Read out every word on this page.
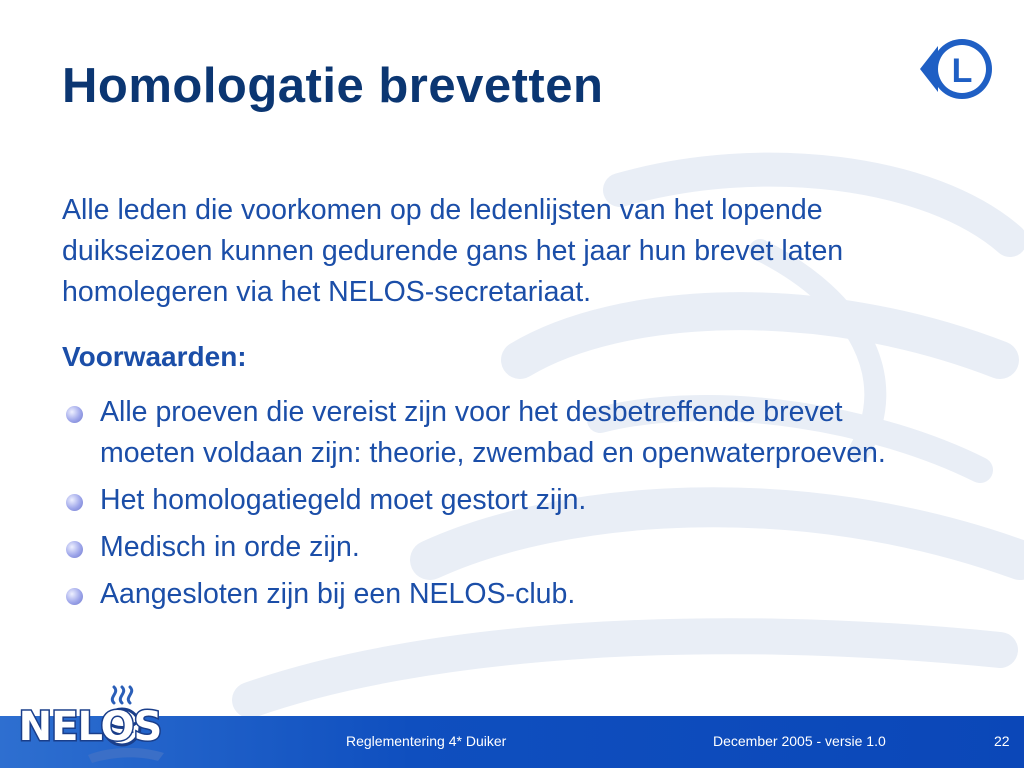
Homologatie brevetten	L

Alle leden die voorkomen op de ledenlijsten van het lopende duikseizoen kunnen gedurende gans het jaar hun brevet laten homolegeren via het NELOS-secretariaat.

Voorwaarden:

Alle proeven die vereist zijn voor het desbetreffende brevet moeten voldaan zijn: theorie, zwembad en openwaterproeven.
Het homologatiegeld moet gestort zijn.
Medisch in orde zijn.
Aangesloten zijn bij een NELOS-club.
NELOS	Reglementering 4* Duiker	December 2005 - versie 1.0	22
